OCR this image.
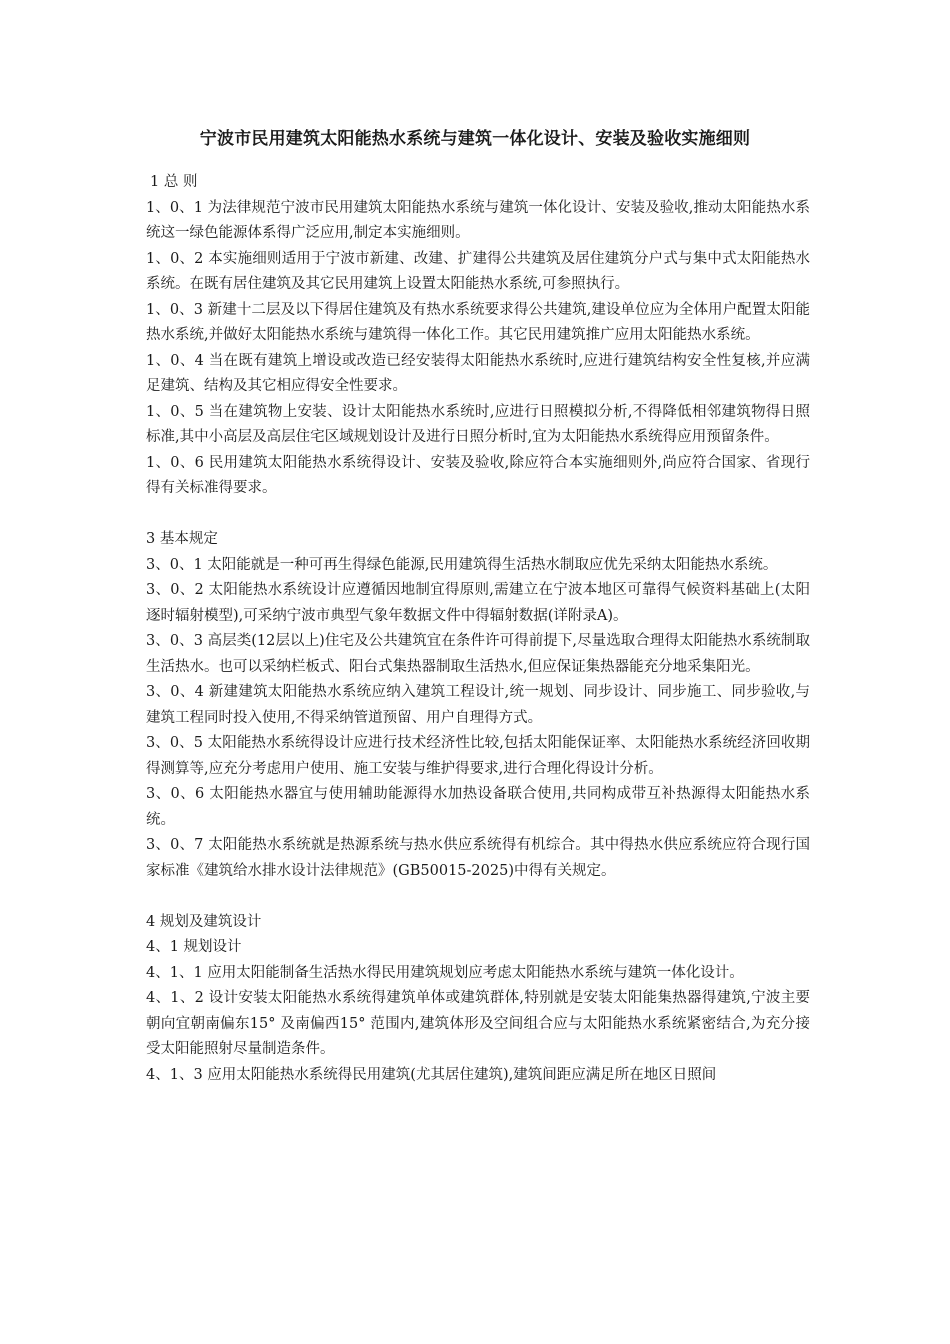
宁波市民用建筑太阳能热水系统与建筑一体化设计、安装及验收实施细则

1 总 则

1、0、1 为法律规范宁波市民用建筑太阳能热水系统与建筑一体化设计、安装及验收,推动太阳能热水系统这一绿色能源体系得广泛应用,制定本实施细则。

1、0、2 本实施细则适用于宁波市新建、改建、扩建得公共建筑及居住建筑分户式与集中式太阳能热水系统。在既有居住建筑及其它民用建筑上设置太阳能热水系统,可参照执行。

1、0、3 新建十二层及以下得居住建筑及有热水系统要求得公共建筑,建设单位应为全体用户配置太阳能热水系统,并做好太阳能热水系统与建筑得一体化工作。其它民用建筑推广应用太阳能热水系统。

1、0、4 当在既有建筑上增设或改造已经安装得太阳能热水系统时,应进行建筑结构安全性复核,并应满足建筑、结构及其它相应得安全性要求。

1、0、5 当在建筑物上安装、设计太阳能热水系统时,应进行日照模拟分析,不得降低相邻建筑物得日照标准,其中小高层及高层住宅区域规划设计及进行日照分析时,宜为太阳能热水系统得应用预留条件。

1、0、6 民用建筑太阳能热水系统得设计、安装及验收,除应符合本实施细则外,尚应符合国家、省现行得有关标准得要求。

3 基本规定

3、0、1 太阳能就是一种可再生得绿色能源,民用建筑得生活热水制取应优先采纳太阳能热水系统。

3、0、2 太阳能热水系统设计应遵循因地制宜得原则,需建立在宁波本地区可靠得气候资料基础上(太阳逐时辐射模型),可采纳宁波市典型气象年数据文件中得辐射数据(详附录A)。

3、0、3 高层类(12层以上)住宅及公共建筑宜在条件许可得前提下,尽量选取合理得太阳能热水系统制取生活热水。也可以采纳栏板式、阳台式集热器制取生活热水,但应保证集热器能充分地采集阳光。

3、0、4 新建建筑太阳能热水系统应纳入建筑工程设计,统一规划、同步设计、同步施工、同步验收,与建筑工程同时投入使用,不得采纳管道预留、用户自理得方式。

3、0、5 太阳能热水系统得设计应进行技术经济性比较,包括太阳能保证率、太阳能热水系统经济回收期得测算等,应充分考虑用户使用、施工安装与维护得要求,进行合理化得设计分析。

3、0、6 太阳能热水器宜与使用辅助能源得水加热设备联合使用,共同构成带互补热源得太阳能热水系统。

3、0、7 太阳能热水系统就是热源系统与热水供应系统得有机综合。其中得热水供应系统应符合现行国家标准《建筑给水排水设计法律规范》(GB50015-2025)中得有关规定。

4 规划及建筑设计

4、1 规划设计

4、1、1 应用太阳能制备生活热水得民用建筑规划应考虑太阳能热水系统与建筑一体化设计。

4、1、2 设计安装太阳能热水系统得建筑单体或建筑群体,特别就是安装太阳能集热器得建筑,宁波主要朝向宜朝南偏东15° 及南偏西15° 范围内,建筑体形及空间组合应与太阳能热水系统紧密结合,为充分接受太阳能照射尽量制造条件。

4、1、3 应用太阳能热水系统得民用建筑(尤其居住建筑),建筑间距应满足所在地区日照间
